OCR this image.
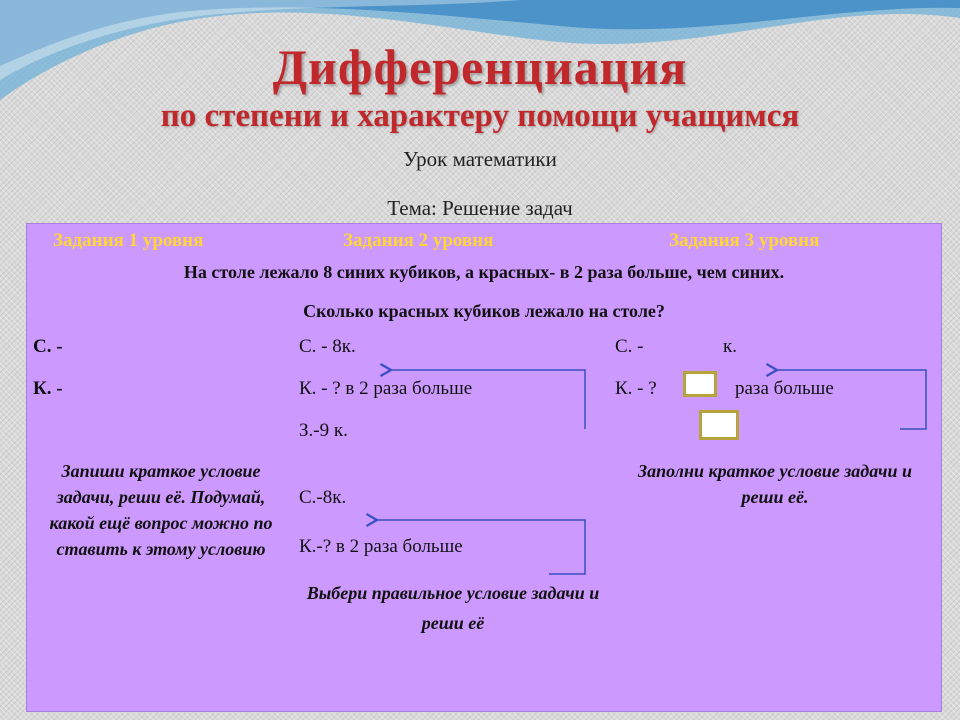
Дифференциация
по степени и характеру помощи учащимся
Урок математики
Тема: Решение задач
Задания 1 уровня	Задания 2 уровня	Задания 3 уровня
На столе лежало 8 синих кубиков, а красных- в 2 раза больше, чем синих.
Сколько красных кубиков лежало на столе?
С. -
К. -
Запиши краткое условие задачи, реши её. Подумай, какой ещё вопрос можно по ставить к этому условию
С. - 8к.
К. - ? в 2 раза больше
З.-9 к.
С.-8к.
К.-? в 2 раза больше
Выбери правильное условие задачи и реши её
С. -	к.
К. - ?	раза больше
Заполни краткое условие задачи и реши её.
